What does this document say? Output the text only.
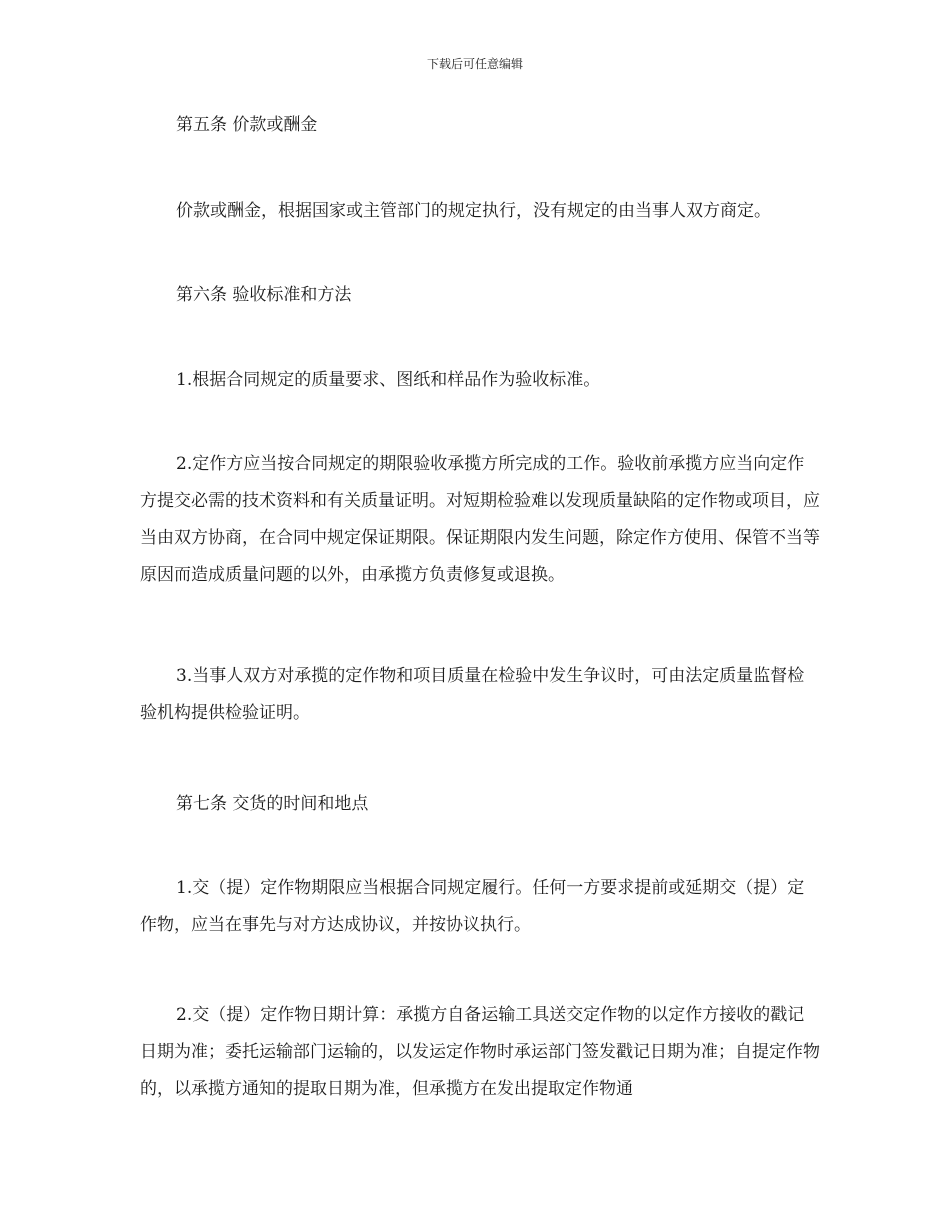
下载后可任意编辑

第五条 价款或酬金

价款或酬金，根据国家或主管部门的规定执行，没有规定的由当事人双方商定。

第六条 验收标准和方法

1.根据合同规定的质量要求、图纸和样品作为验收标准。

2.定作方应当按合同规定的期限验收承揽方所完成的工作。验收前承揽方应当向定作方提交必需的技术资料和有关质量证明。对短期检验难以发现质量缺陷的定作物或项目，应当由双方协商，在合同中规定保证期限。保证期限内发生问题，除定作方使用、保管不当等原因而造成质量问题的以外，由承揽方负责修复或退换。

3.当事人双方对承揽的定作物和项目质量在检验中发生争议时，可由法定质量监督检验机构提供检验证明。

第七条 交货的时间和地点

1.交（提）定作物期限应当根据合同规定履行。任何一方要求提前或延期交（提）定作物，应当在事先与对方达成协议，并按协议执行。

2.交（提）定作物日期计算：承揽方自备运输工具送交定作物的以定作方接收的戳记日期为准；委托运输部门运输的，以发运定作物时承运部门签发戳记日期为准；自提定作物的，以承揽方通知的提取日期为准，但承揽方在发出提取定作物通
